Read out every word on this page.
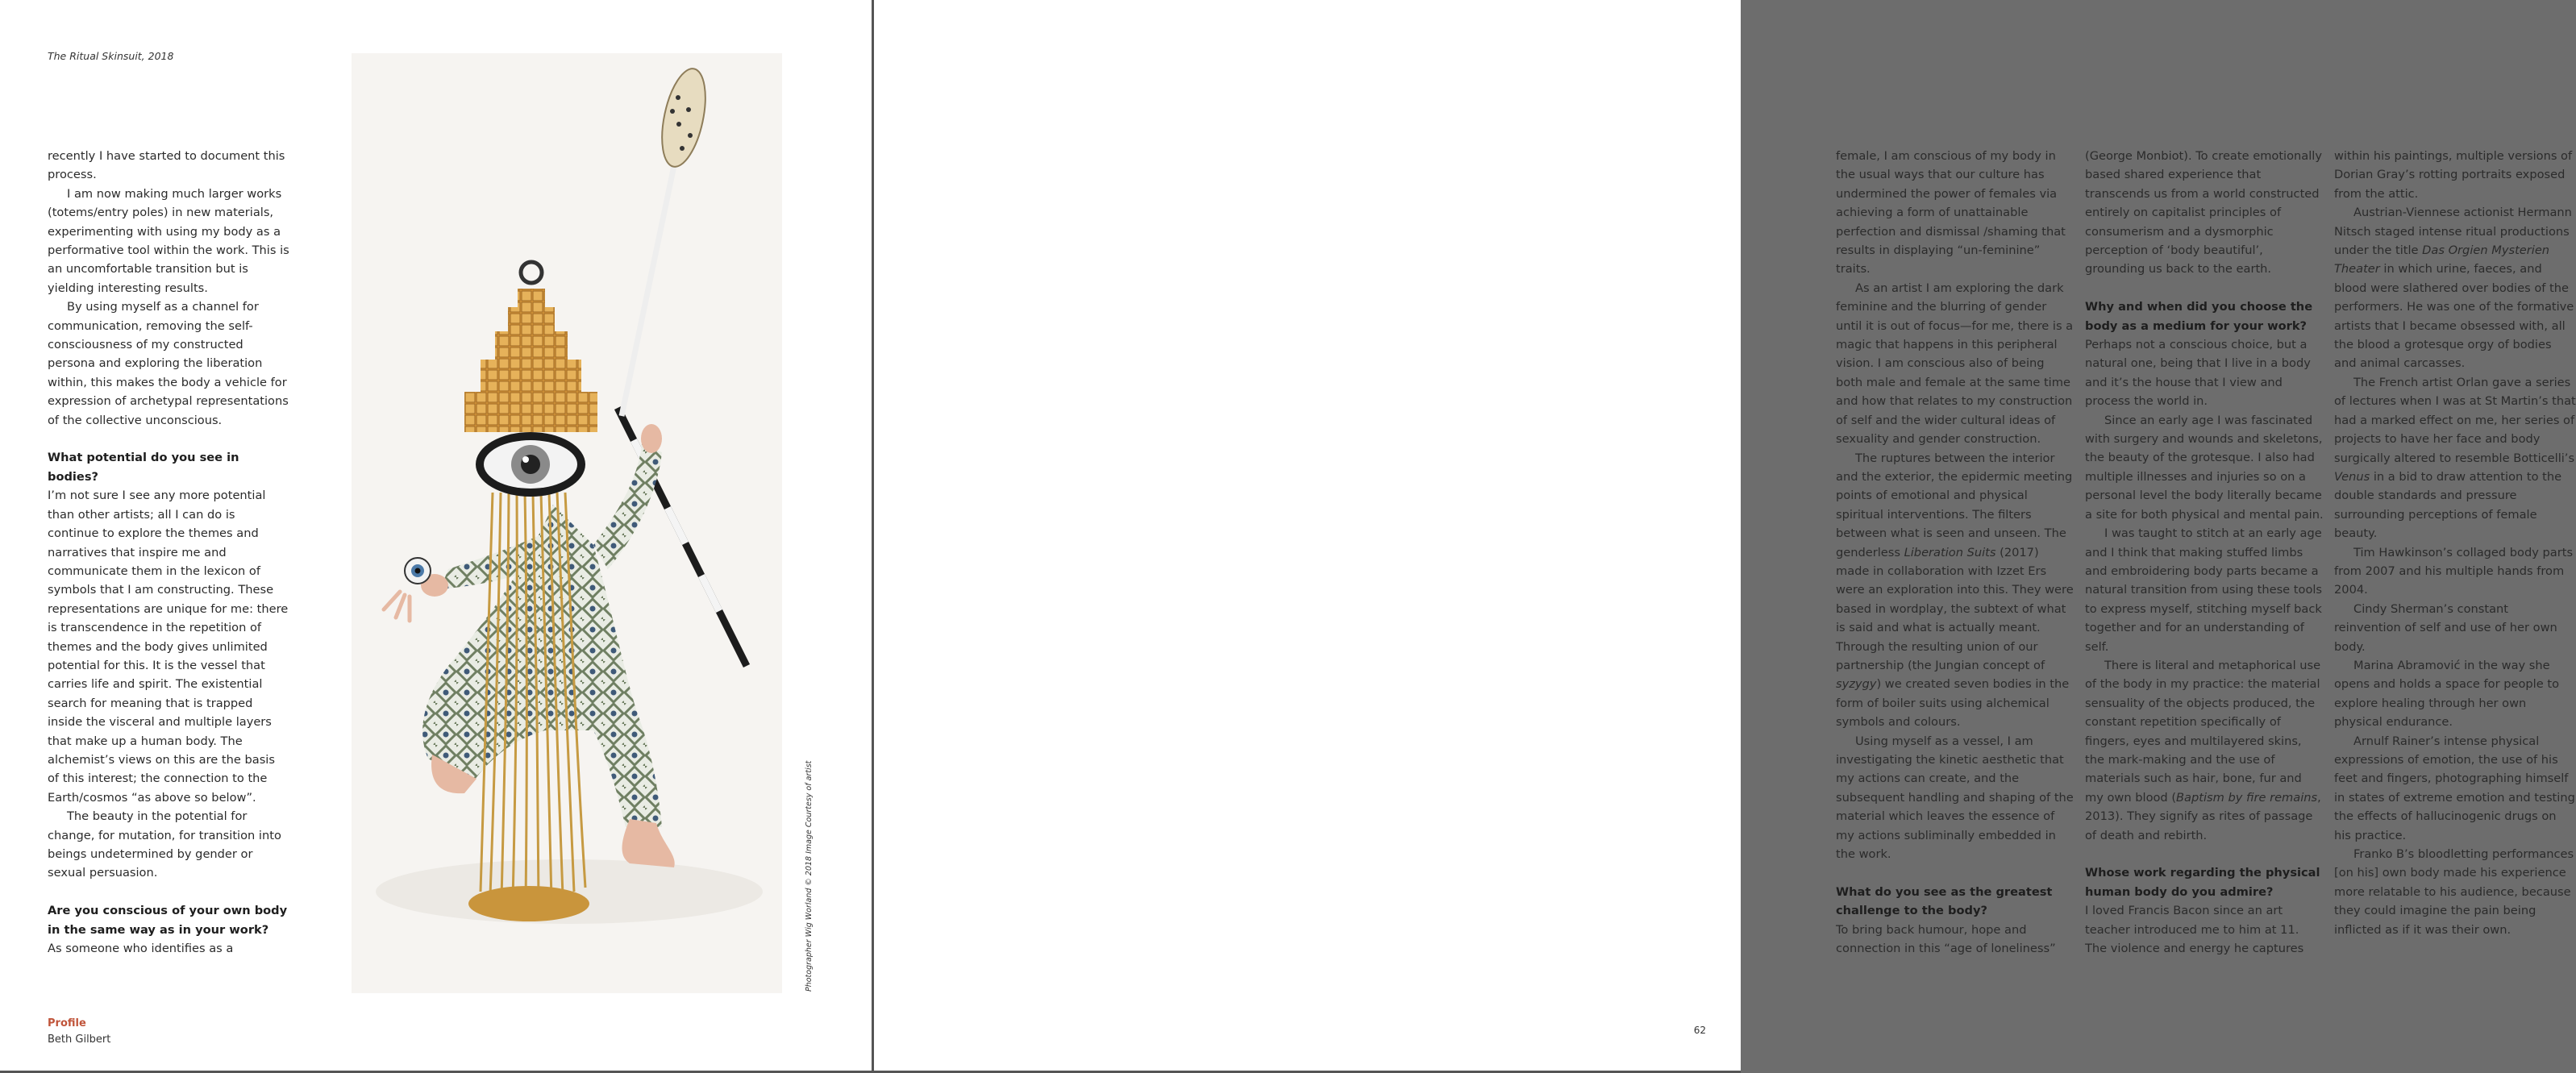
The Ritual Skinsuit, 2018

recently I have started to document this process.

I am now making much larger works (totems/entry poles) in new materials, experimenting with using my body as a performative tool within the work. This is an uncomfortable transition but is yielding interesting results.

By using myself as a channel for communication, removing the self-consciousness of my constructed persona and exploring the liberation within, this makes the body a vehicle for expression of archetypal representations of the collective unconscious.

What potential do you see in bodies?

I’m not sure I see any more potential than other artists; all I can do is continue to explore the themes and narratives that inspire me and communicate them in the lexicon of symbols that I am constructing. These representations are unique for me: there is transcendence in the repetition of themes and the body gives unlimited potential for this. It is the vessel that carries life and spirit. The existential search for meaning that is trapped inside the visceral and multiple layers that make up a human body. The alchemist’s views on this are the basis of this interest; the connection to the Earth/cosmos “as above so below”.

The beauty in the potential for change, for mutation, for transition into beings undetermined by gender or sexual persuasion.

Are you conscious of your own body in the same way as in your work?

As someone who identifies as a	Photographer Wig Worland © 2018 Image Courtesy of artist
Profile
Beth Gilbert

female, I am conscious of my body in the usual ways that our culture has undermined the power of females via achieving a form of unattainable perfection and dismissal /shaming that results in displaying “un-feminine” traits.

As an artist I am exploring the dark feminine and the blurring of gender until it is out of focus—for me, there is a magic that happens in this peripheral vision. I am conscious also of being both male and female at the same time and how that relates to my construction of self and the wider cultural ideas of sexuality and gender construction.

The ruptures between the interior and the exterior, the epidermic meeting points of emotional and physical spiritual interventions. The filters between what is seen and unseen. The genderless Liberation Suits (2017) made in collaboration with Izzet Ers were an exploration into this. They were based in wordplay, the subtext of what is said and what is actually meant. Through the resulting union of our partnership (the Jungian concept of syzygy) we created seven bodies in the form of boiler suits using alchemical symbols and colours.

Using myself as a vessel, I am investigating the kinetic aesthetic that my actions can create, and the subsequent handling and shaping of the material which leaves the essence of my actions subliminally embedded in the work.

What do you see as the greatest challenge to the body?

To bring back humour, hope and connection in this “age of loneliness”

(George Monbiot). To create emotionally based shared experience that transcends us from a world constructed entirely on capitalist principles of consumerism and a dysmorphic perception of ‘body beautiful’, grounding us back to the earth.

Why and when did you choose the body as a medium for your work?

Perhaps not a conscious choice, but a natural one, being that I live in a body and it’s the house that I view and process the world in.

Since an early age I was fascinated with surgery and wounds and skeletons, the beauty of the grotesque. I also had multiple illnesses and injuries so on a personal level the body literally became a site for both physical and mental pain.

I was taught to stitch at an early age and I think that making stuffed limbs and embroidering body parts became a natural transition from using these tools to express myself, stitching myself back together and for an understanding of self.

There is literal and metaphorical use of the body in my practice: the material sensuality of the objects produced, the constant repetition specifically of fingers, eyes and multilayered skins, the mark-making and the use of materials such as hair, bone, fur and my own blood (Baptism by fire remains, 2013). They signify as rites of passage of death and rebirth.

Whose work regarding the physical human body do you admire?

I loved Francis Bacon since an art teacher introduced me to him at 11. The violence and energy he captures

within his paintings, multiple versions of Dorian Gray’s rotting portraits exposed from the attic.

Austrian-Viennese actionist Hermann Nitsch staged intense ritual productions under the title Das Orgien Mysterien Theater in which urine, faeces, and blood were slathered over bodies of the performers. He was one of the formative artists that I became obsessed with, all the blood a grotesque orgy of bodies and animal carcasses.

The French artist Orlan gave a series of lectures when I was at St Martin’s that had a marked effect on me, her series of projects to have her face and body surgically altered to resemble Botticelli’s Venus in a bid to draw attention to the double standards and pressure surrounding perceptions of female beauty.

Tim Hawkinson’s collaged body parts from 2007 and his multiple hands from 2004.

Cindy Sherman’s constant reinvention of self and use of her own body.

Marina Abramović in the way she opens and holds a space for people to explore healing through her own physical endurance.

Arnulf Rainer’s intense physical expressions of emotion, the use of his feet and fingers, photographing himself in states of extreme emotion and testing the effects of hallucinogenic drugs on his practice.

Franko B’s bloodletting performances [on his] own body made his experience more relatable to his audience, because they could imagine the pain being inflicted as if it was their own.

62
